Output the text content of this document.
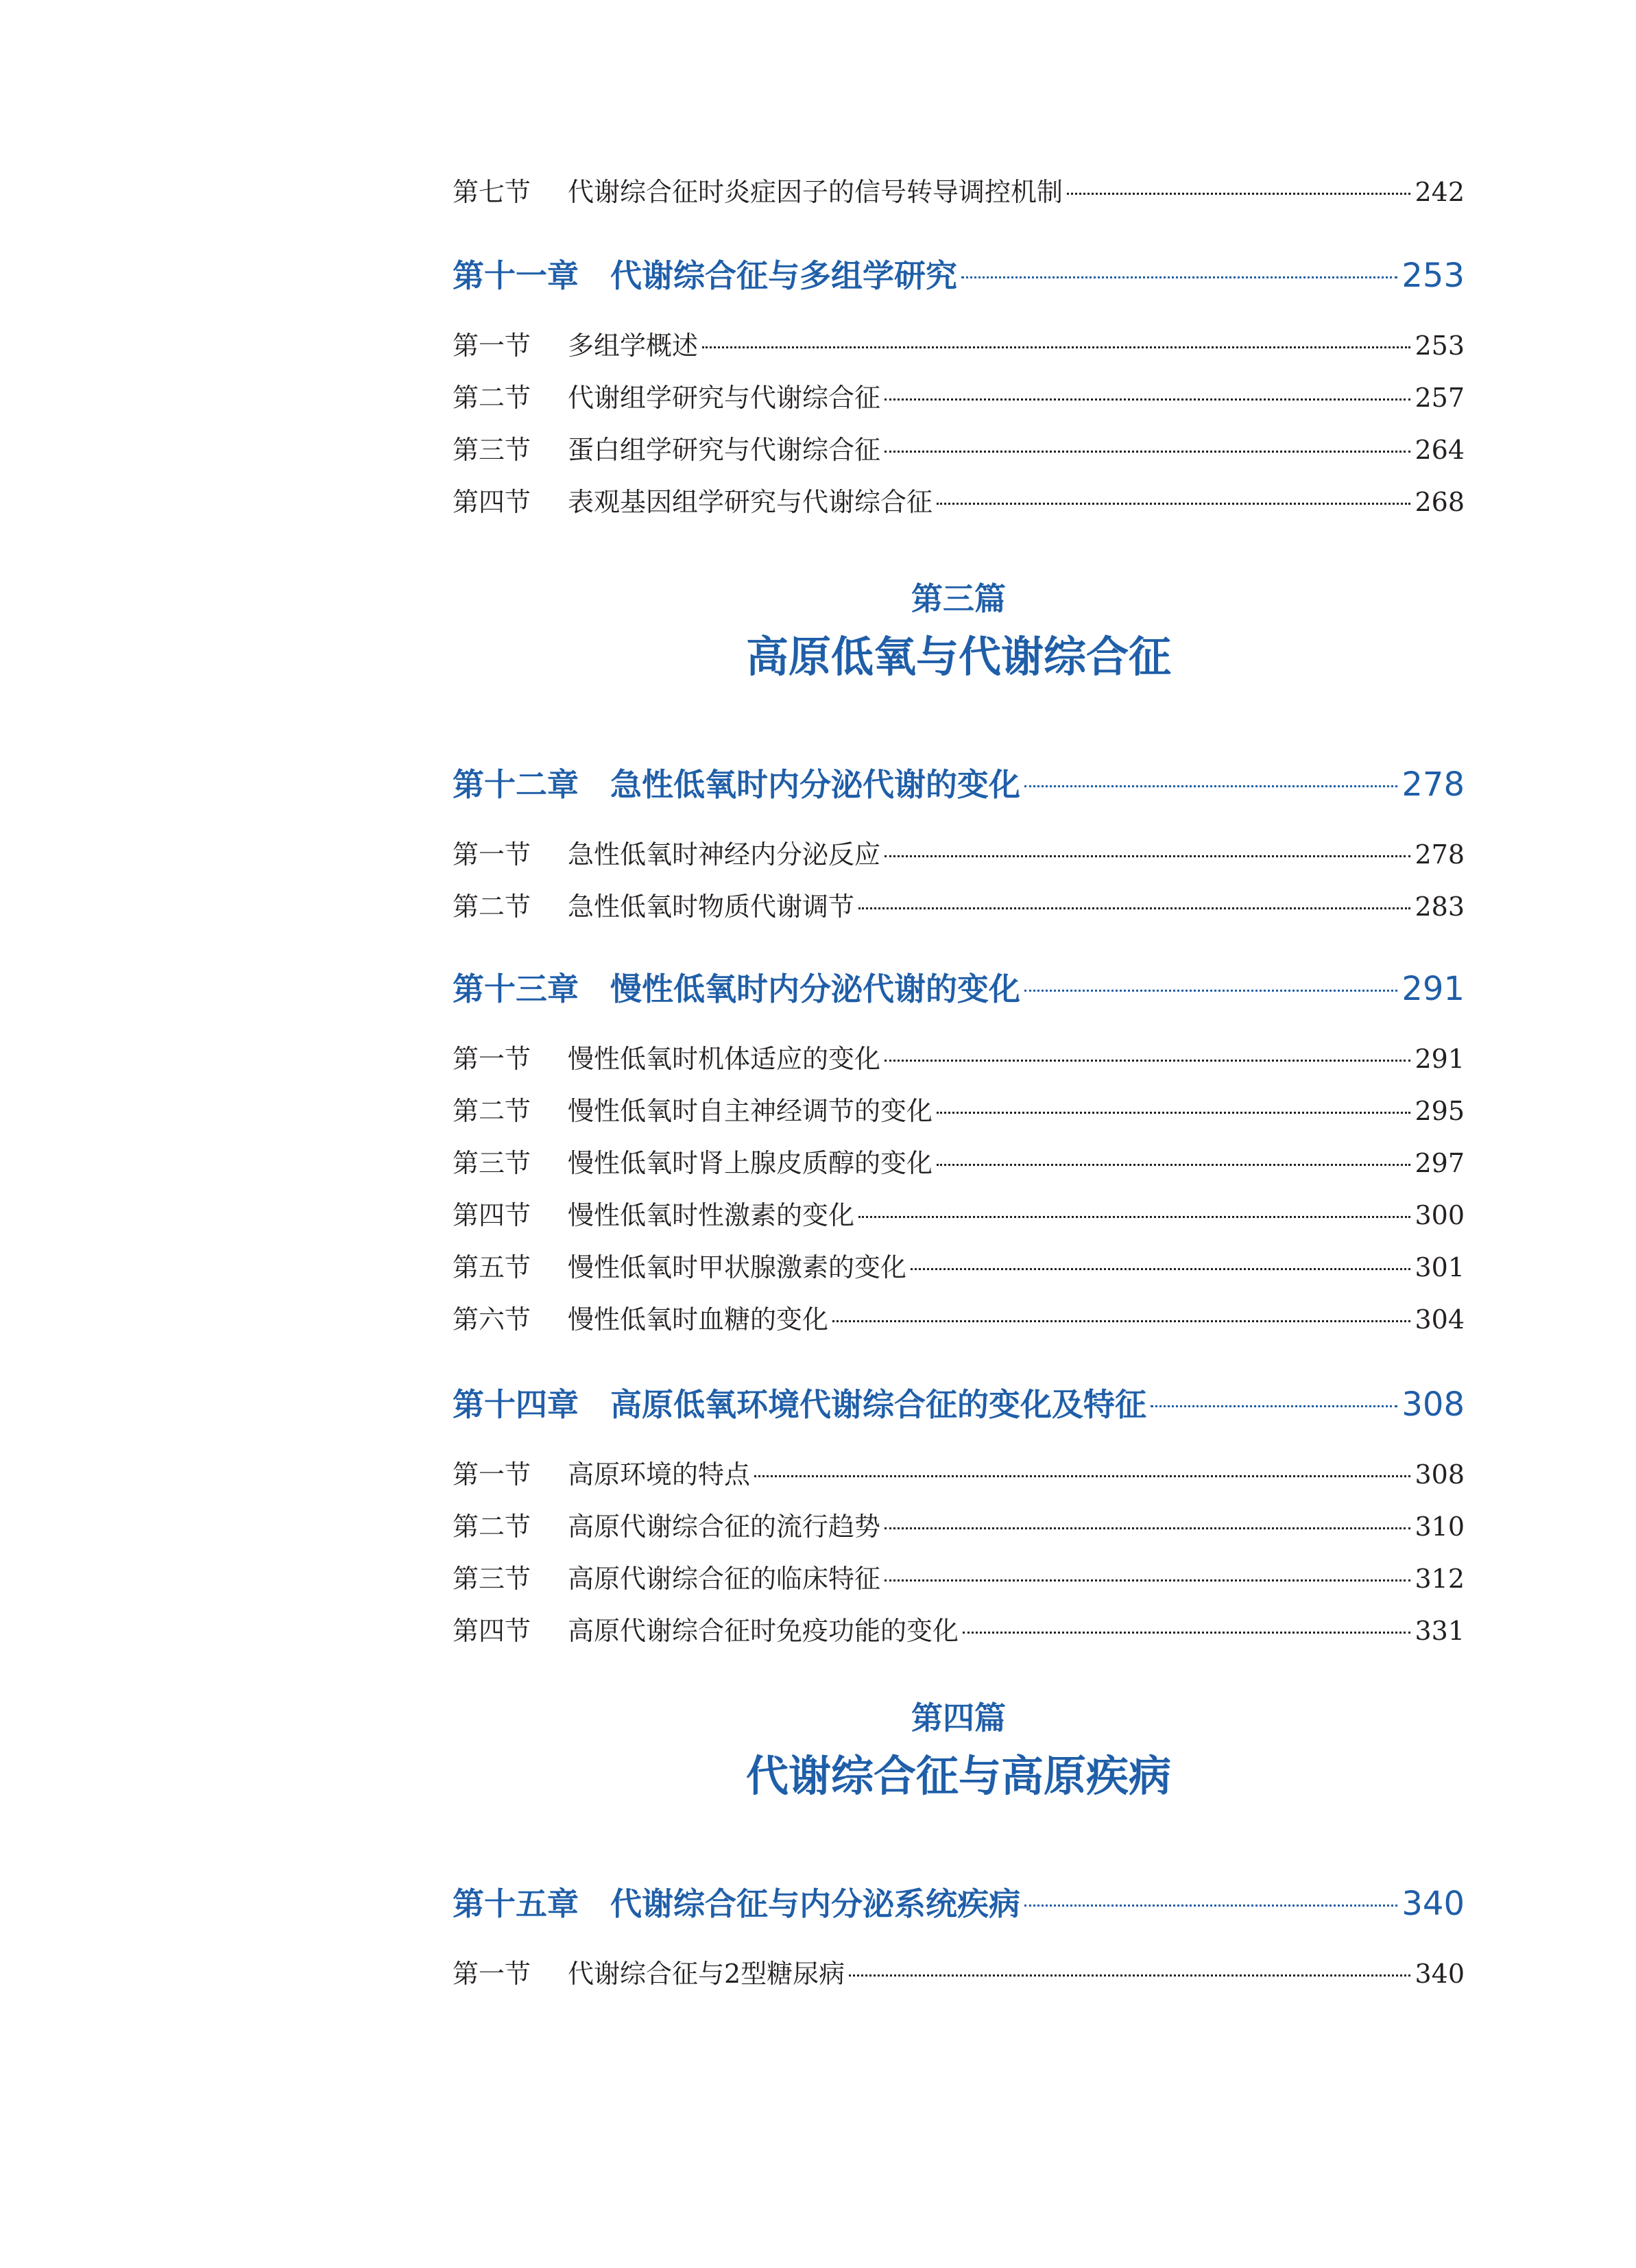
第七节	代谢综合征时炎症因子的信号转导调控机制	242
第十一章 代谢综合征与多组学研究	253
第一节	多组学概述	253
第二节	代谢组学研究与代谢综合征	257
第三节	蛋白组学研究与代谢综合征	264
第四节	表观基因组学研究与代谢综合征	268
第三篇
高原低氧与代谢综合征
第十二章 急性低氧时内分泌代谢的变化	278
第一节	急性低氧时神经内分泌反应	278
第二节	急性低氧时物质代谢调节	283
第十三章 慢性低氧时内分泌代谢的变化	291
第一节	慢性低氧时机体适应的变化	291
第二节	慢性低氧时自主神经调节的变化	295
第三节	慢性低氧时肾上腺皮质醇的变化	297
第四节	慢性低氧时性激素的变化	300
第五节	慢性低氧时甲状腺激素的变化	301
第六节	慢性低氧时血糖的变化	304
第十四章 高原低氧环境代谢综合征的变化及特征	308
第一节	高原环境的特点	308
第二节	高原代谢综合征的流行趋势	310
第三节	高原代谢综合征的临床特征	312
第四节	高原代谢综合征时免疫功能的变化	331
第四篇
代谢综合征与高原疾病
第十五章 代谢综合征与内分泌系统疾病	340
第一节	代谢综合征与2型糖尿病	340
